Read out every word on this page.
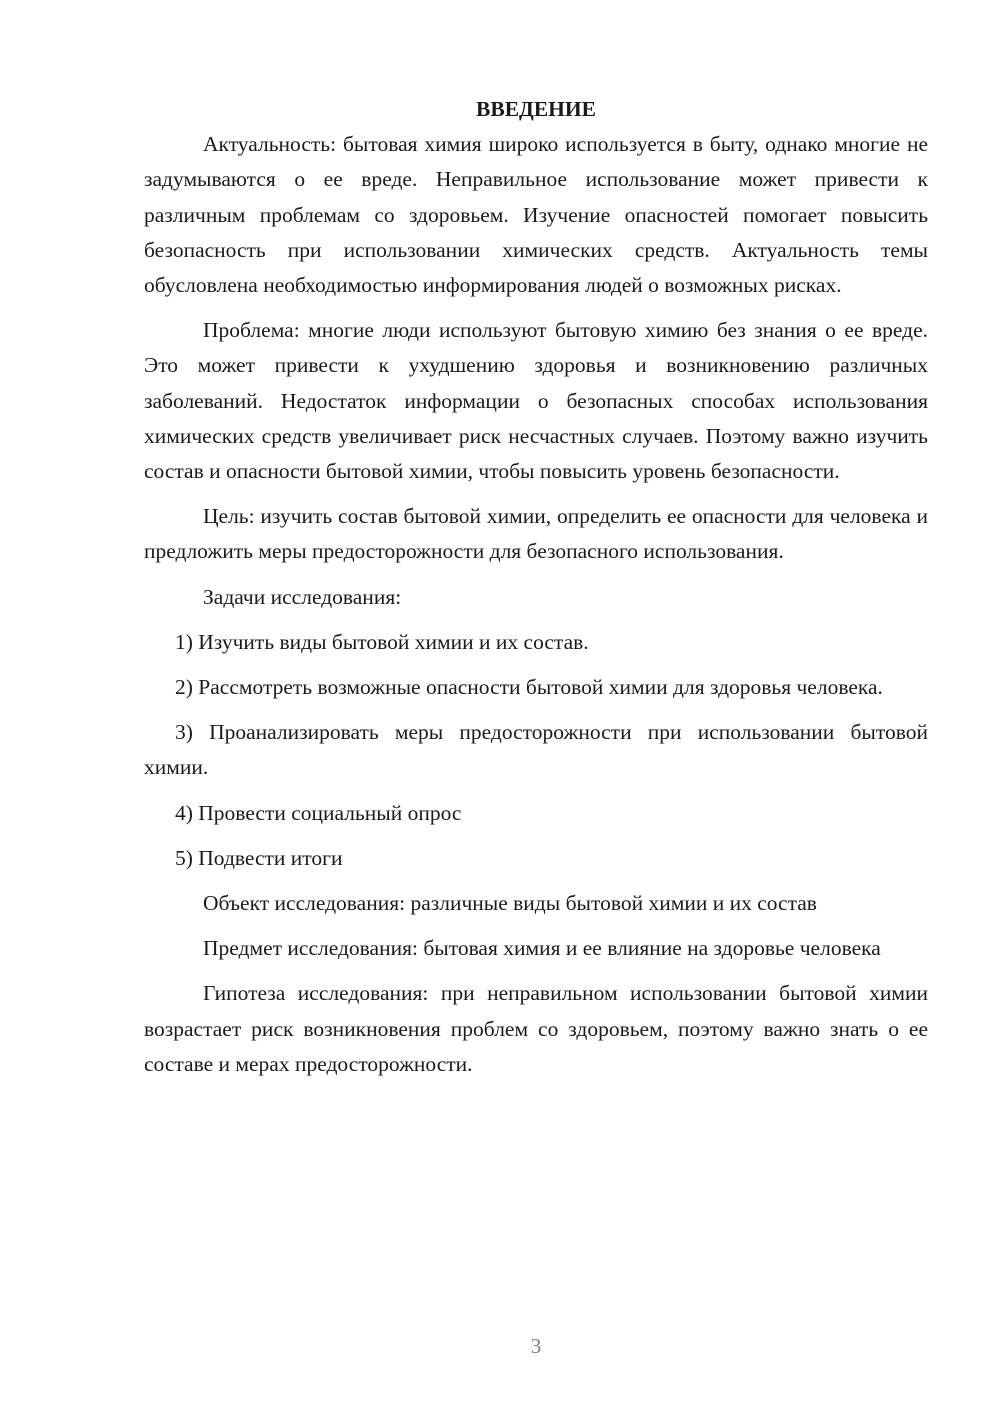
ВВЕДЕНИЕ

Актуальность: бытовая химия широко используется в быту, однако многие не задумываются о ее вреде. Неправильное использование может привести к различным проблемам со здоровьем. Изучение опасностей помогает повысить безопасность при использовании химических средств. Актуальность темы обусловлена необходимостью информирования людей о возможных рисках.

Проблема: многие люди используют бытовую химию без знания о ее вреде. Это может привести к ухудшению здоровья и возникновению различных заболеваний. Недостаток информации о безопасных способах использования химических средств увеличивает риск несчастных случаев. Поэтому важно изучить состав и опасности бытовой химии, чтобы повысить уровень безопасности.

Цель: изучить состав бытовой химии, определить ее опасности для человека и предложить меры предосторожности для безопасного использования.

Задачи исследования:

1) Изучить виды бытовой химии и их состав.

2) Рассмотреть возможные опасности бытовой химии для здоровья человека.

3) Проанализировать меры предосторожности при использовании бытовой химии.

4) Провести социальный опрос

5) Подвести итоги

Объект исследования: различные виды бытовой химии и их состав

Предмет исследования: бытовая химия и ее влияние на здоровье человека

Гипотеза исследования: при неправильном использовании бытовой химии возрастает риск возникновения проблем со здоровьем, поэтому важно знать о ее составе и мерах предосторожности.

3
